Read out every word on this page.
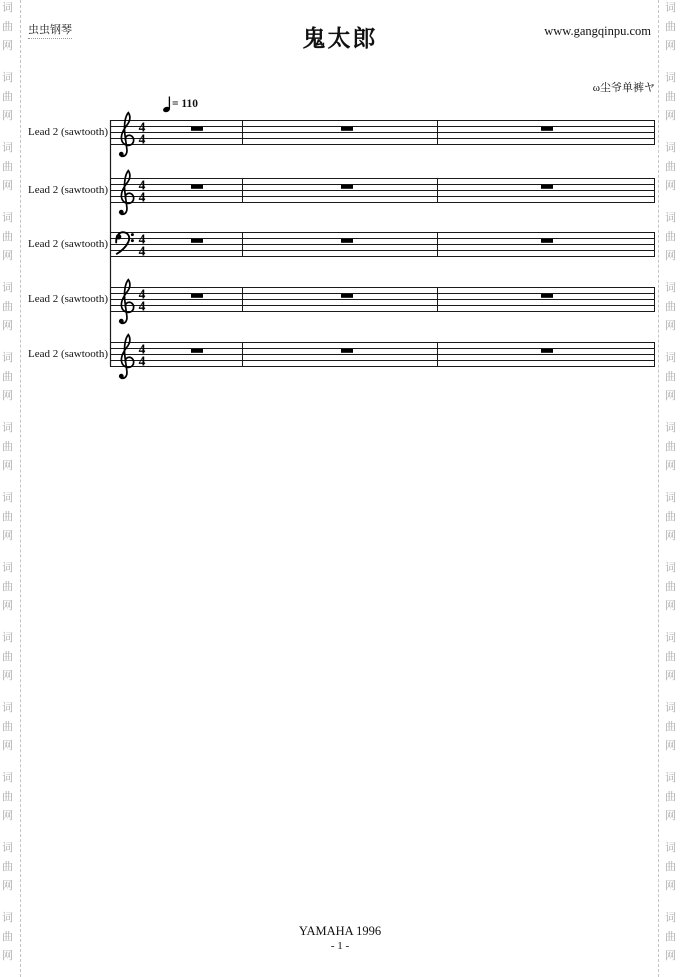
词
曲
网
词
曲
网
词
曲
网
词
曲
网
词
曲
网
词
曲
网
词
曲
网
词
曲
网
词
曲
网
词
曲
网
词
曲
网
词
曲
网
词
曲
网
词
曲
网
词
曲
网
词
曲
网
词
曲
网
词
曲
网
词
曲
网
词
曲
网
词
曲
网
词
曲
网
词
曲
网
词
曲
网
词
曲
网
词
曲
网
词
曲
网
词
曲
网
虫虫钢琴	鬼太郎	www.gangqinpu.com
ω尘爷单裤ヤ
= 110
Lead 2 (sawtooth)
Lead 2 (sawtooth)
Lead 2 (sawtooth)
Lead 2 (sawtooth)
Lead 2 (sawtooth)
4
4
4
4
4
4
4
4
4
4
YAMAHA 1996
- 1 -
